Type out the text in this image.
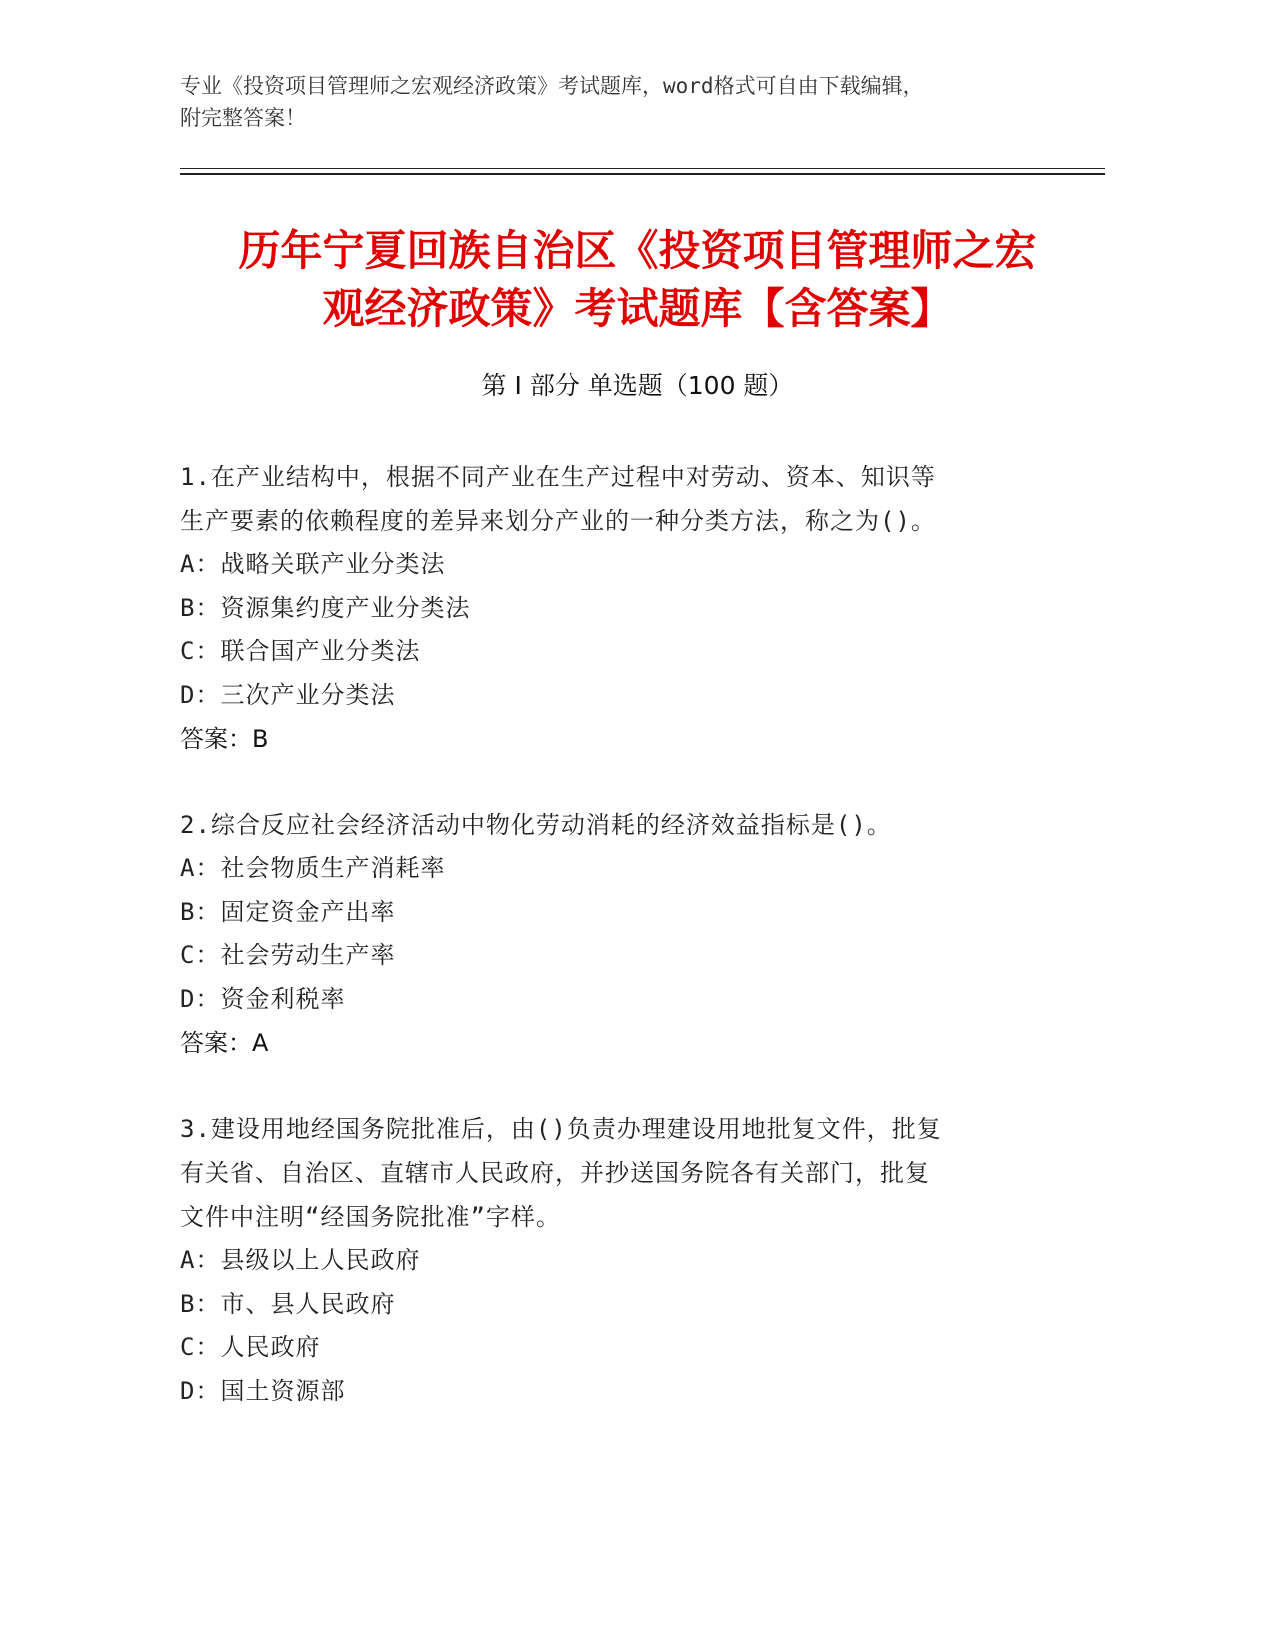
专业《投资项目管理师之宏观经济政策》考试题库，word格式可自由下载编辑，
附完整答案！
历年宁夏回族自治区《投资项目管理师之宏
观经济政策》考试题库【含答案】
第 I 部分 单选题（100 题）

1.在产业结构中，根据不同产业在生产过程中对劳动、资本、知识等

生产要素的依赖程度的差异来划分产业的一种分类方法，称之为()。

A：战略关联产业分类法

B：资源集约度产业分类法

C：联合国产业分类法

D：三次产业分类法

答案：B

2.综合反应社会经济活动中物化劳动消耗的经济效益指标是()。

A：社会物质生产消耗率

B：固定资金产出率

C：社会劳动生产率

D：资金利税率

答案：A

3.建设用地经国务院批准后，由()负责办理建设用地批复文件，批复

有关省、自治区、直辖市人民政府，并抄送国务院各有关部门，批复

文件中注明“经国务院批准”字样。

A：县级以上人民政府

B：市、县人民政府

C：人民政府

D：国土资源部
